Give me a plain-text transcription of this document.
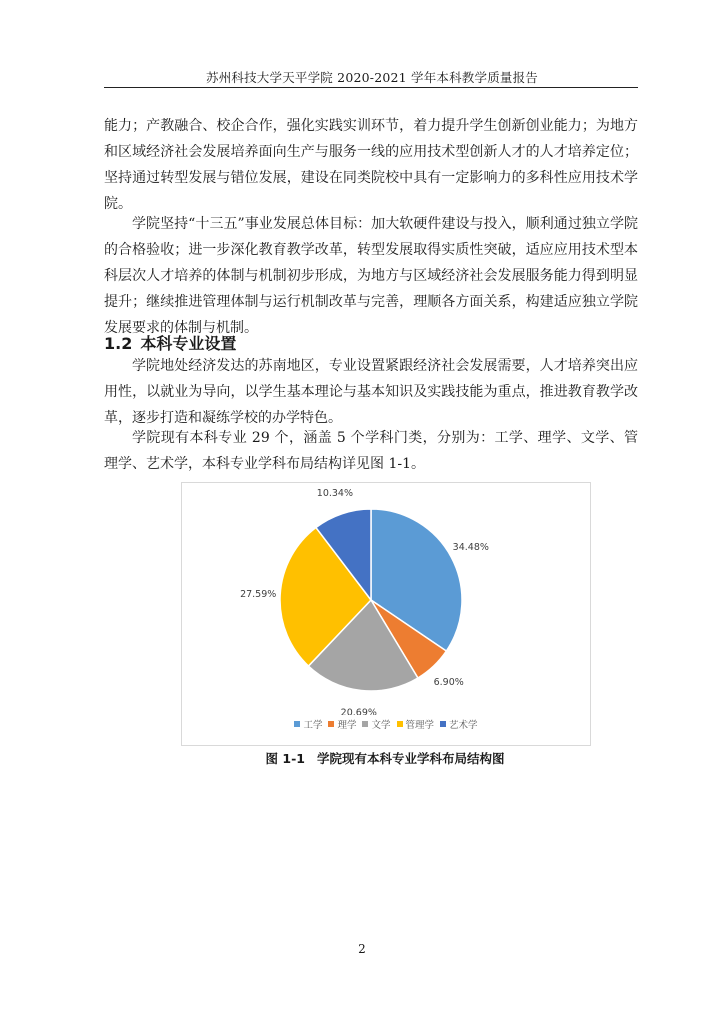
苏州科技大学天平学院 2020-2021 学年本科教学质量报告

能力；产教融合、校企合作，强化实践实训环节，着力提升学生创新创业能力；为地方和区域经济社会发展培养面向生产与服务一线的应用技术型创新人才的人才培养定位；坚持通过转型发展与错位发展，建设在同类院校中具有一定影响力的多科性应用技术学院。

学院坚持“十三五”事业发展总体目标：加大软硬件建设与投入，顺利通过独立学院的合格验收；进一步深化教育教学改革，转型发展取得实质性突破，适应应用技术型本科层次人才培养的体制与机制初步形成，为地方与区域经济社会发展服务能力得到明显提升；继续推进管理体制与运行机制改革与完善，理顺各方面关系，构建适应独立学院发展要求的体制与机制。

1.2 本科专业设置

学院地处经济发达的苏南地区，专业设置紧跟经济社会发展需要，人才培养突出应用性，以就业为导向，以学生基本理论与基本知识及实践技能为重点，推进教育教学改革，逐步打造和凝练学校的办学特色。

学院现有本科专业 29 个，涵盖 5 个学科门类，分别为：工学、理学、文学、管理学、艺术学，本科专业学科布局结构详见图 1-1。

34.48%
6.90%
20.69%
27.59%
10.34%
工学 理学 文学 管理学 艺术学
图 1-1 学院现有本科专业学科布局结构图
2
